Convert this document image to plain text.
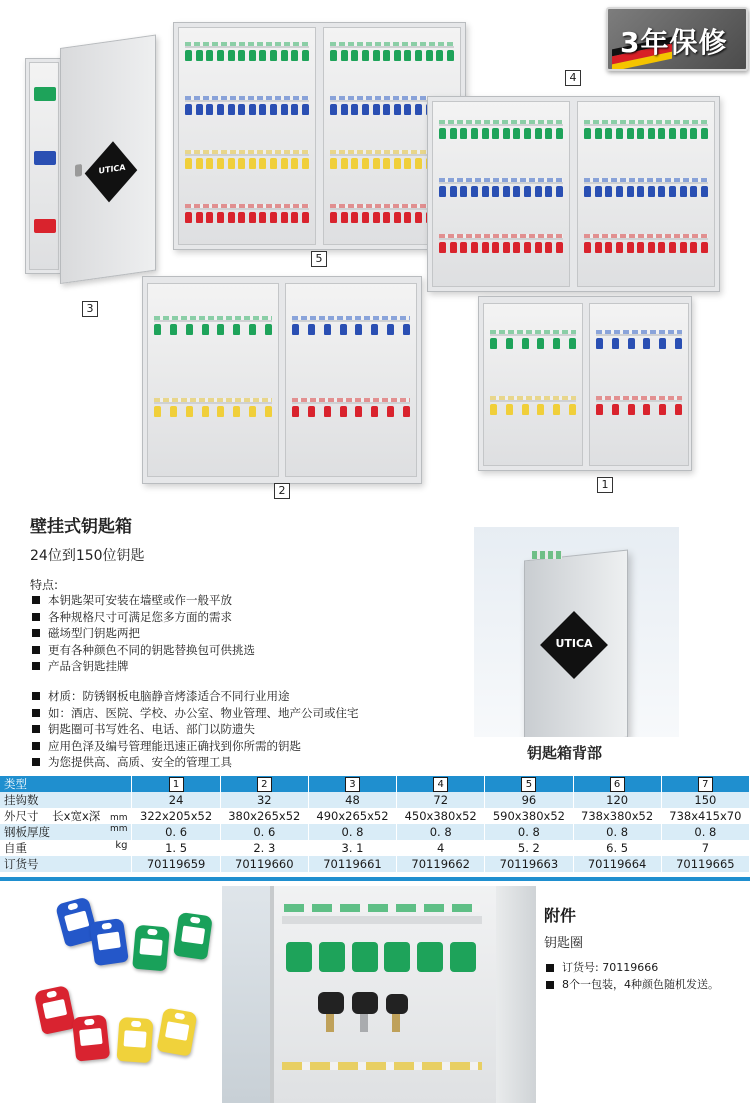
UTICA
3
5
3年保修
4
2	1
壁挂式钥匙箱
24位到150位钥匙
特点:
本钥匙架可安装在墙壁或作一般平放
各种规格尺寸可满足您多方面的需求
磁场型门钥匙两把
更有各种颜色不同的钥匙替换包可供挑选
产品含钥匙挂牌
材质：防锈钢板电脑静音烤漆适合不同行业用途
如：酒店、医院、学校、办公室、物业管理、地产公司或住宅
钥匙圈可书写姓名、电话、部门以防遗失
应用色泽及编号管理能迅速正确找到你所需的钥匙
为您提供高、高质、安全的管理工具
UTICA
钥匙箱背部
类型	1	2	3	4	5	6	7
挂钩数	24	32	48	72	96	120	150
外尺寸 长x宽x深 mm	322x205x52	380x265x52	490x265x52	450x380x52	590x380x52	738x380x52	738x415x70
钢板厚度 mm	0. 6	0. 6	0. 8	0. 8	0. 8	0. 8	0. 8
自重 kg	1. 5	2. 3	3. 1	4	5. 2	6. 5	7
订货号	70119659	70119660	70119661	70119662	70119663	70119664	70119665
附件
钥匙圈
订货号: 70119666
8个一包装，4种颜色随机发送。
